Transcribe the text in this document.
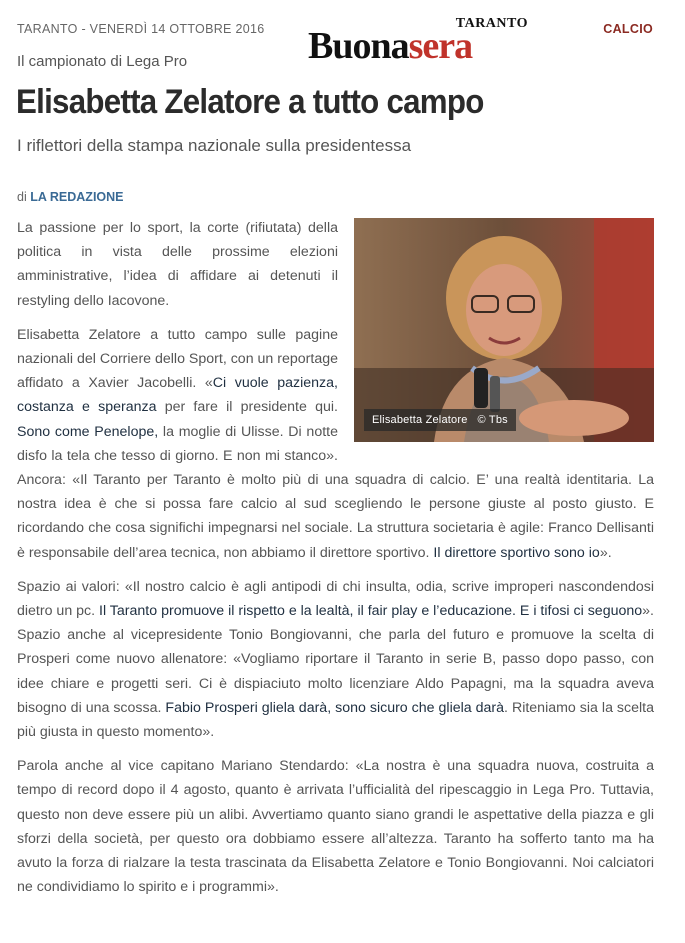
TARANTO - VENERDÌ 14 OTTOBRE 2016	TARANTO
Buonasera	CALCIO
Il campionato di Lega Pro
Elisabetta Zelatore a tutto campo
I riflettori della stampa nazionale sulla presidentessa
di LA REDAZIONE
Elisabetta Zelatore © Tbs

La passione per lo sport, la corte (rifiutata) della politica in vista delle prossime elezioni amministrative, l’idea di affidare ai detenuti il restyling dello Iacovone.

Elisabetta Zelatore a tutto campo sulle pagine nazionali del Corriere dello Sport, con un reportage affidato a Xavier Jacobelli. «Ci vuole pazienza, costanza e speranza per fare il presidente qui. Sono come Penelope, la moglie di Ulisse. Di notte disfo la tela che tesso di giorno. E non mi stanco». Ancora: «Il Taranto per Taranto è molto più di una squadra di calcio. E’ una realtà identitaria. La nostra idea è che si possa fare calcio al sud scegliendo le persone giuste al posto giusto. E ricordando che cosa significhi impegnarsi nel sociale. La struttura societaria è agile: Franco Dellisanti è responsabile dell’area tecnica, non abbiamo il direttore sportivo. Il direttore sportivo sono io».

Spazio ai valori: «Il nostro calcio è agli antipodi di chi insulta, odia, scrive improperi nascondendosi dietro un pc. Il Taranto promuove il rispetto e la lealtà, il fair play e l’educazione. E i tifosi ci seguono». Spazio anche al vicepresidente Tonio Bongiovanni, che parla del futuro e promuove la scelta di Prosperi come nuovo allenatore: «Vogliamo riportare il Taranto in serie B, passo dopo passo, con idee chiare e progetti seri. Ci è dispiaciuto molto licenziare Aldo Papagni, ma la squadra aveva bisogno di una scossa. Fabio Prosperi gliela darà, sono sicuro che gliela darà. Riteniamo sia la scelta più giusta in questo momento».

Parola anche al vice capitano Mariano Stendardo: «La nostra è una squadra nuova, costruita a tempo di record dopo il 4 agosto, quanto è arrivata l’ufficialità del ripescaggio in Lega Pro. Tuttavia, questo non deve essere più un alibi. Avvertiamo quanto siano grandi le aspettative della piazza e gli sforzi della società, per questo ora dobbiamo essere all’altezza. Taranto ha sofferto tanto ma ha avuto la forza di rialzare la testa trascinata da Elisabetta Zelatore e Tonio Bongiovanni. Noi calciatori ne condividiamo lo spirito e i programmi».
